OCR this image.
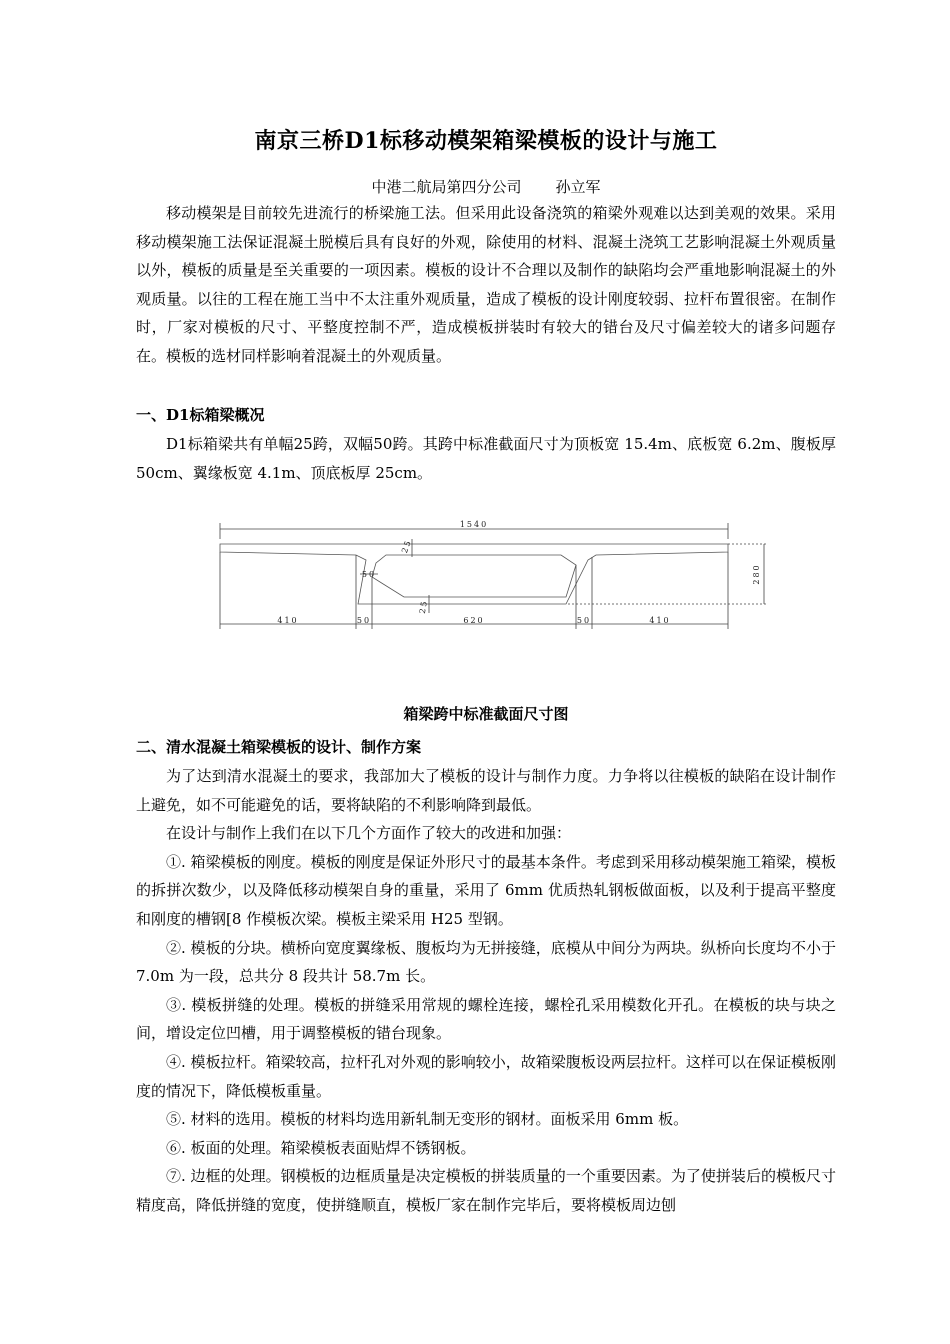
南京三桥D1标移动模架箱梁模板的设计与施工
中港二航局第四分公司 孙立军

移动模架是目前较先进流行的桥梁施工法。但采用此设备浇筑的箱梁外观难以达到美观的效果。采用移动模架施工法保证混凝土脱模后具有良好的外观，除使用的材料、混凝土浇筑工艺影响混凝土外观质量以外，模板的质量是至关重要的一项因素。模板的设计不合理以及制作的缺陷均会严重地影响混凝土的外观质量。以往的工程在施工当中不太注重外观质量，造成了模板的设计刚度较弱、拉杆布置很密。在制作时，厂家对模板的尺寸、平整度控制不严，造成模板拼装时有较大的错台及尺寸偏差较大的诸多问题存在。模板的选材同样影响着混凝土的外观质量。

一、D1标箱梁概况

D1标箱梁共有单幅25跨，双幅50跨。其跨中标准截面尺寸为顶板宽 15.4m、底板宽 6.2m、腹板厚 50cm、翼缘板宽 4.1m、顶底板厚 25cm。

箱梁跨中标准截面尺寸图
二、清水混凝土箱梁模板的设计、制作方案

为了达到清水混凝土的要求，我部加大了模板的设计与制作力度。力争将以往模板的缺陷在设计制作上避免，如不可能避免的话，要将缺陷的不利影响降到最低。

在设计与制作上我们在以下几个方面作了较大的改进和加强：

①. 箱梁模板的刚度。模板的刚度是保证外形尺寸的最基本条件。考虑到采用移动模架施工箱梁，模板的拆拼次数少，以及降低移动模架自身的重量，采用了 6mm 优质热轧钢板做面板，以及利于提高平整度和刚度的槽钢[8 作模板次梁。模板主梁采用 H25 型钢。

②. 模板的分块。横桥向宽度翼缘板、腹板均为无拼接缝，底模从中间分为两块。纵桥向长度均不小于 7.0m 为一段，总共分 8 段共计 58.7m 长。

③. 模板拼缝的处理。模板的拼缝采用常规的螺栓连接，螺栓孔采用模数化开孔。在模板的块与块之间，增设定位凹槽，用于调整模板的错台现象。

④. 模板拉杆。箱梁较高，拉杆孔对外观的影响较小，故箱梁腹板设两层拉杆。这样可以在保证模板刚度的情况下，降低模板重量。

⑤. 材料的选用。模板的材料均选用新轧制无变形的钢材。面板采用 6mm 板。

⑥. 板面的处理。箱梁模板表面贴焊不锈钢板。

⑦. 边框的处理。钢模板的边框质量是决定模板的拼装质量的一个重要因素。为了使拼装后的模板尺寸精度高，降低拼缝的宽度，使拼缝顺直，模板厂家在制作完毕后，要将模板周边刨

1540
25
50	280
25
410	50	620	50	410
